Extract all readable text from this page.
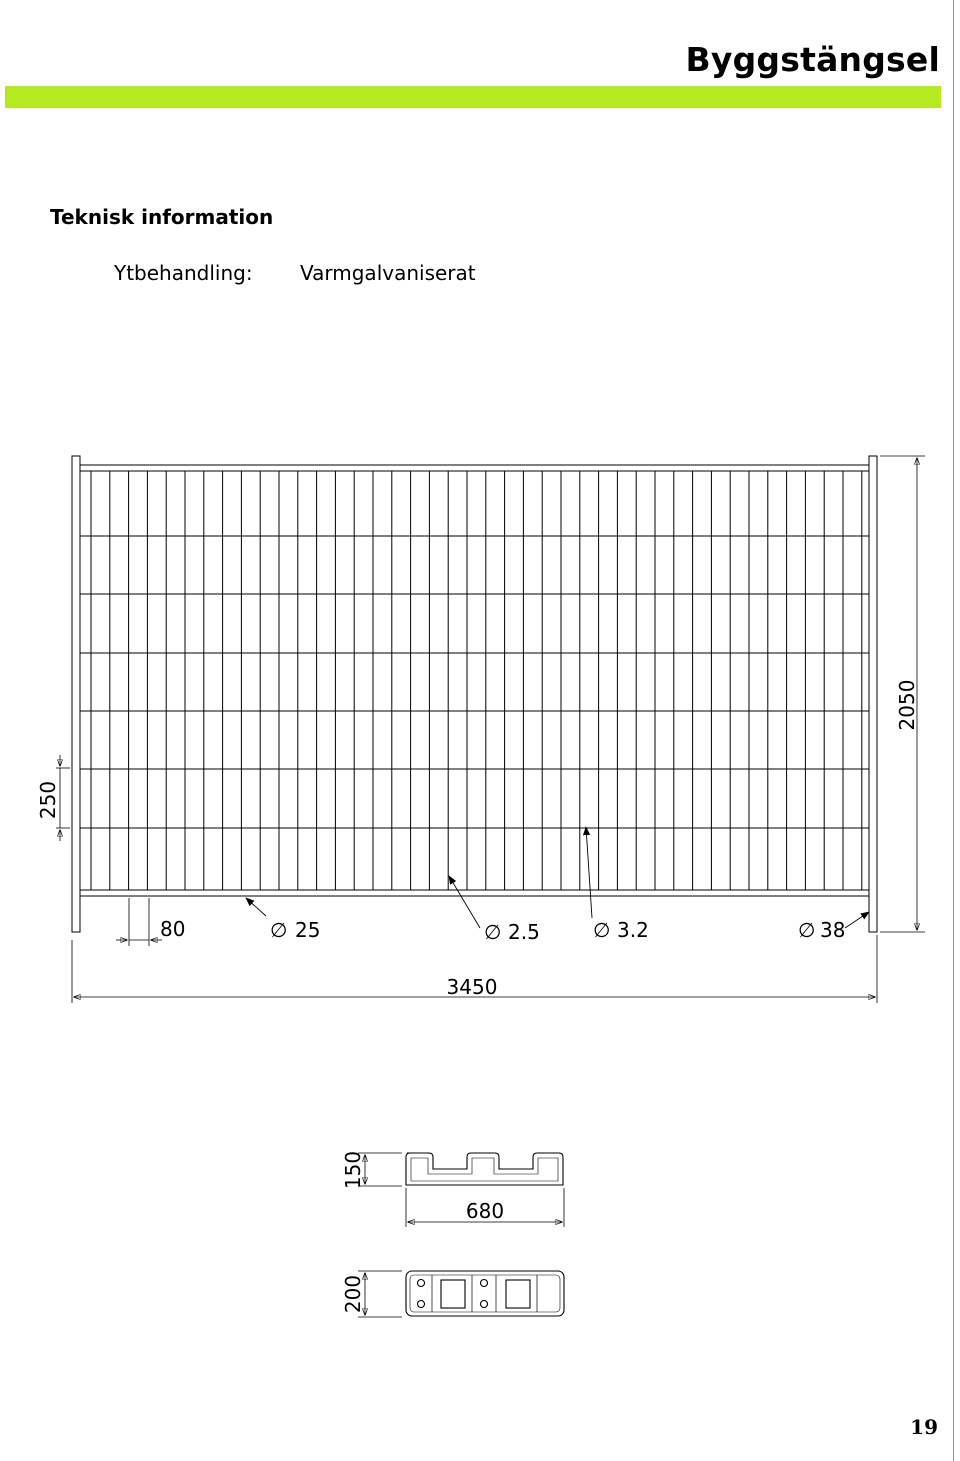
Byggstängsel
Teknisk information
Ytbehandling: Varmgalvaniserat
2050
250
80	∅ 25	∅ 2.5	∅ 3.2	∅ 38
3450
150
680
200
19
